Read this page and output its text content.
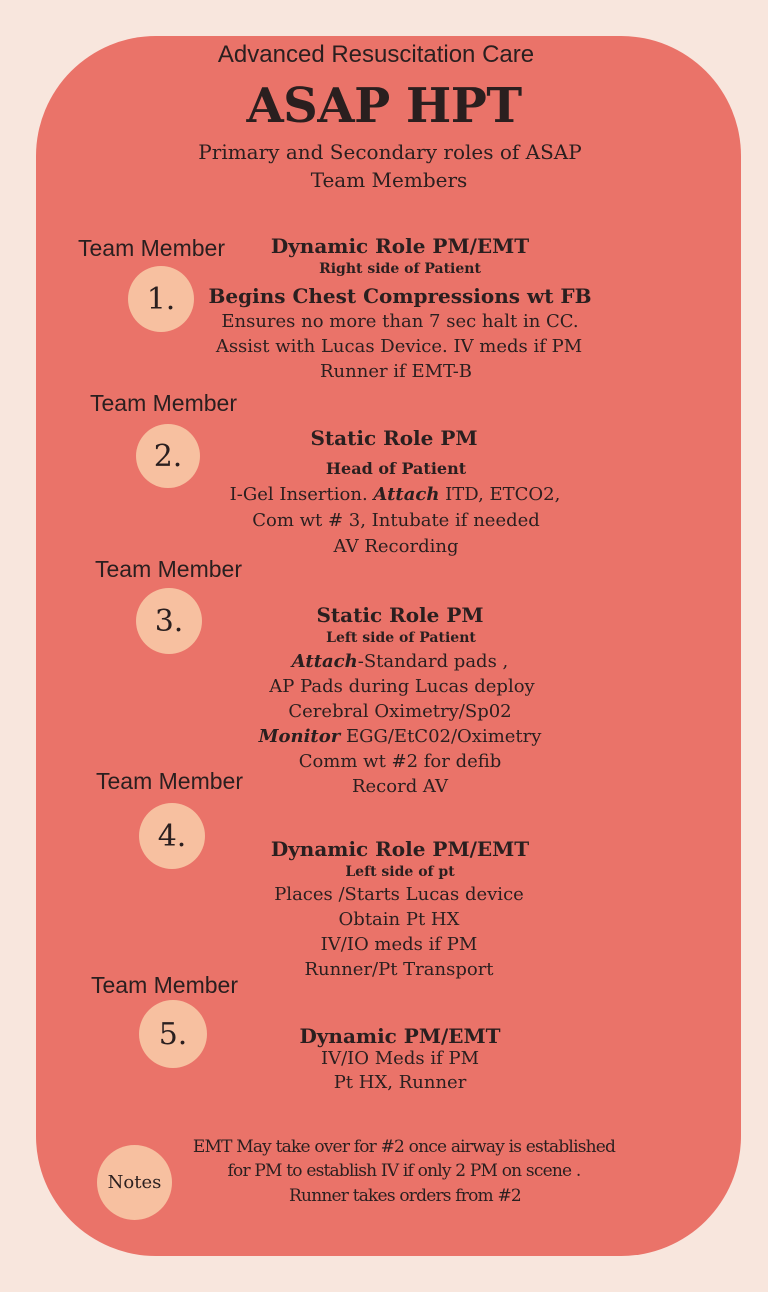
Advanced Resuscitation Care
ASAP HPT
Primary and Secondary roles of ASAP
Team Members
Team Member
1.
Dynamic Role PM/EMT
Right side of Patient
Begins Chest Compressions wt FB
Ensures no more than 7 sec halt in CC.
Assist with Lucas Device. IV meds if PM
Runner if EMT-B
Team Member
2.
Static Role PM
Head of Patient
I-Gel Insertion. Attach ITD, ETCO2,
Com wt # 3, Intubate if needed
AV Recording
Team Member
3.	Static Role PM
Left side of Patient
Attach-Standard pads ,
AP Pads during Lucas deploy
Cerebral Oximetry/Sp02
Monitor EGG/EtC02/Oximetry
Comm wt #2 for defib
Record AV
Team Member
4.	Dynamic Role PM/EMT
Left side of pt
Places /Starts Lucas device
Obtain Pt HX
IV/IO meds if PM
Runner/Pt Transport
Team Member
5.	Dynamic PM/EMT
IV/IO Meds if PM
Pt HX, Runner
Notes
EMT May take over for #2 once airway is established
for PM to establish IV if only 2 PM on scene .
Runner takes orders from #2
